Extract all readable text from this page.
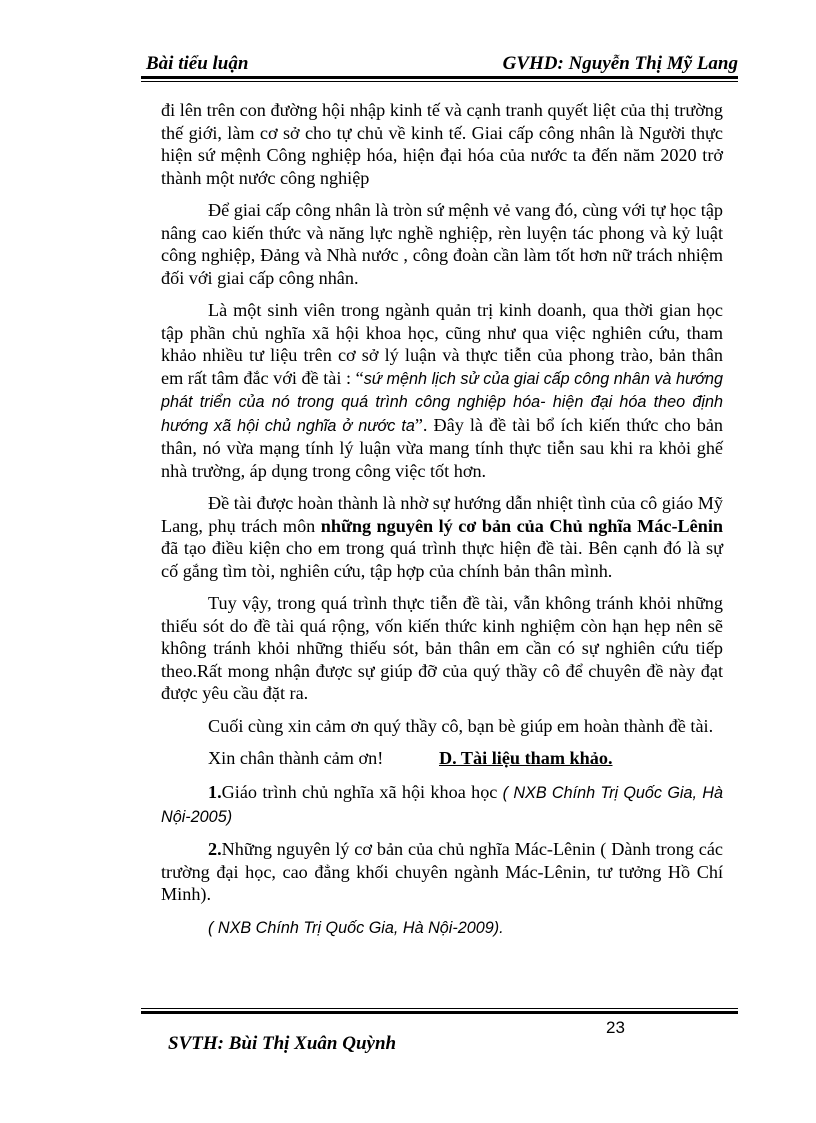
Bài tiểu luận	GVHD: Nguyễn Thị Mỹ Lang

đi lên trên con đường hội nhập kinh tế và cạnh tranh quyết liệt của thị trường thế giới, làm cơ sở cho tự chủ về kinh tế. Giai cấp công nhân là Người thực hiện sứ mệnh Công nghiệp hóa, hiện đại hóa của nước ta đến năm 2020 trở thành một nước công nghiệp

Để giai cấp công nhân là tròn sứ mệnh vẻ vang đó, cùng với tự học tập nâng cao kiến thức và năng lực nghề nghiệp, rèn luyện tác phong và kỷ luật công nghiệp, Đảng và Nhà nước , công đoàn cần làm tốt hơn nữ trách nhiệm đối với giai cấp công nhân.

Là một sinh viên trong ngành quản trị kinh doanh, qua thời gian học tập phần chủ nghĩa xã hội khoa học, cũng như qua việc nghiên cứu, tham khảo nhiều tư liệu trên cơ sở lý luận và thực tiễn của phong trào, bản thân em rất tâm đắc với đề tài : “sứ mệnh lịch sử của giai cấp công nhân và hướng phát triển của nó trong quá trình công nghiệp hóa- hiện đại hóa theo định hướng xã hội chủ nghĩa ở nước ta”. Đây là đề tài bổ ích kiến thức cho bản thân, nó vừa mạng tính lý luận vừa mang tính thực tiễn sau khi ra khỏi ghế nhà trường, áp dụng trong công việc tốt hơn.

Đề tài được hoàn thành là nhờ sự hướng dẫn nhiệt tình của cô giáo Mỹ Lang, phụ trách môn những nguyên lý cơ bản của Chủ nghĩa Mác-Lênin đã tạo điều kiện cho em trong quá trình thực hiện đề tài. Bên cạnh đó là sự cố gắng tìm tòi, nghiên cứu, tập hợp của chính bản thân mình.

Tuy vậy, trong quá trình thực tiễn đề tài, vẫn không tránh khỏi những thiếu sót do đề tài quá rộng, vốn kiến thức kinh nghiệm còn hạn hẹp nên sẽ không tránh khỏi những thiếu sót, bản thân em cần có sự nghiên cứu tiếp theo.Rất mong nhận được sự giúp đỡ của quý thầy cô để chuyên đề này đạt được yêu cầu đặt ra.

Cuối cùng xin cảm ơn quý thầy cô, bạn bè giúp em hoàn thành đề tài.

Xin chân thành cảm ơn!	D. Tài liệu tham khảo.

1.Giáo trình chủ nghĩa xã hội khoa học ( NXB Chính Trị Quốc Gia, Hà Nội-2005)

2.Những nguyên lý cơ bản của chủ nghĩa Mác-Lênin ( Dành trong các trường đại học, cao đẳng khối chuyên ngành Mác-Lênin, tư tưởng Hồ Chí Minh).

( NXB Chính Trị Quốc Gia, Hà Nội-2009).

23
SVTH: Bùi Thị Xuân Quỳnh
